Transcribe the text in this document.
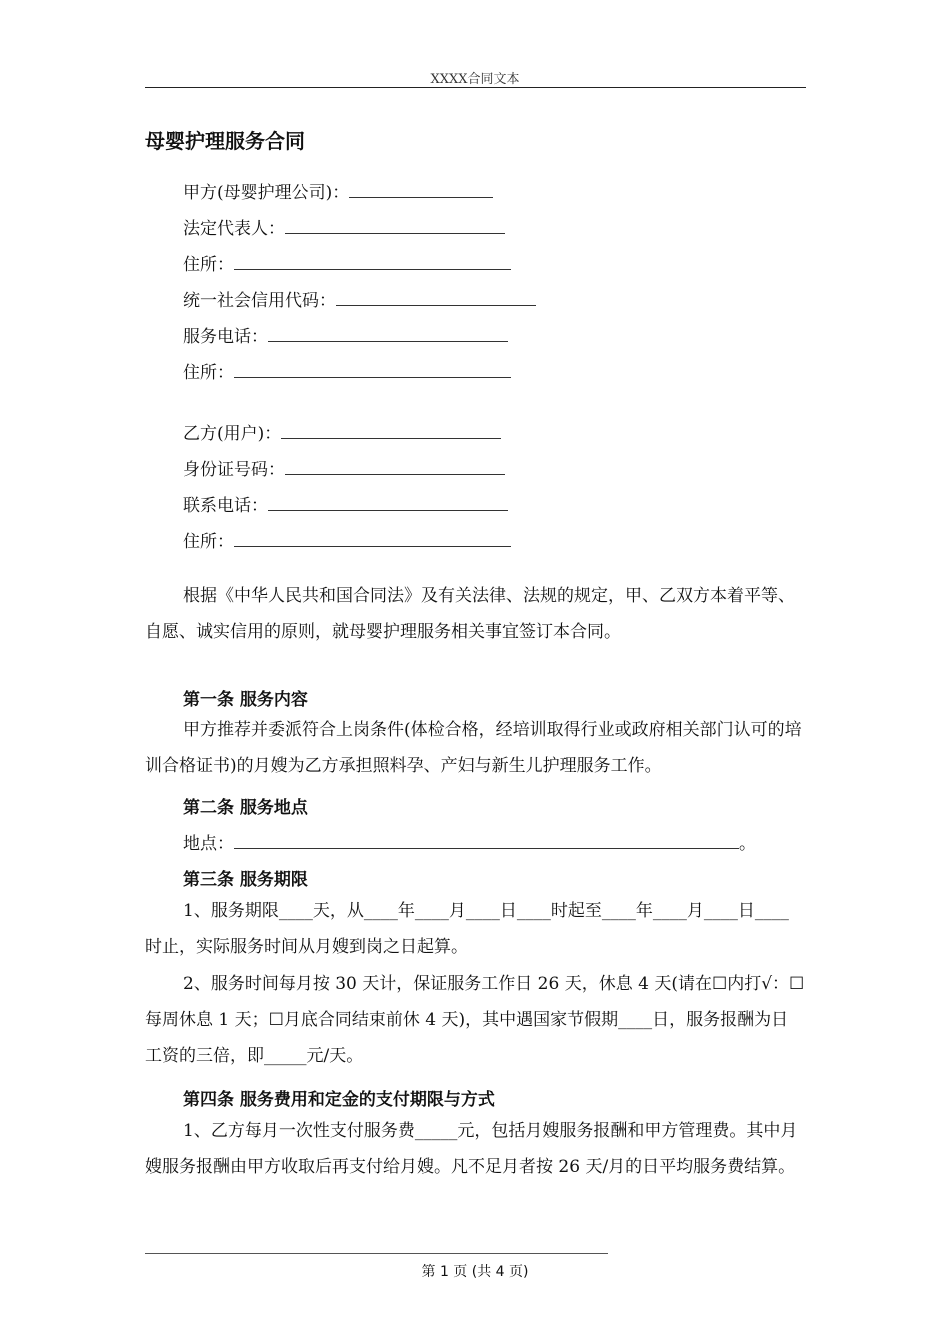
XXXX合同文本
母婴护理服务合同
甲方(母婴护理公司)：
法定代表人：
住所：
统一社会信用代码：
服务电话：
住所：
乙方(用户)：
身份证号码：
联系电话：
住所：
根据《中华人民共和国合同法》及有关法律、法规的规定，甲、乙双方本着平等、自愿、诚实信用的原则，就母婴护理服务相关事宜签订本合同。
第一条 服务内容
甲方推荐并委派符合上岗条件(体检合格，经培训取得行业或政府相关部门认可的培训合格证书)的月嫂为乙方承担照料孕、产妇与新生儿护理服务工作。
第二条 服务地点
地点：	。
第三条 服务期限
1、服务期限____天，从____年____月____日____时起至____年____月____日____时止，实际服务时间从月嫂到岗之日起算。
2、服务时间每月按 30 天计，保证服务工作日 26 天，休息 4 天(请在☐内打√：☐每周休息 1 天；☐月底合同结束前休 4 天)，其中遇国家节假期____日，服务报酬为日工资的三倍，即_____元/天。
第四条 服务费用和定金的支付期限与方式
1、乙方每月一次性支付服务费_____元，包括月嫂服务报酬和甲方管理费。其中月嫂服务报酬由甲方收取后再支付给月嫂。凡不足月者按 26 天/月的日平均服务费结算。
第 1 页 (共 4 页)
